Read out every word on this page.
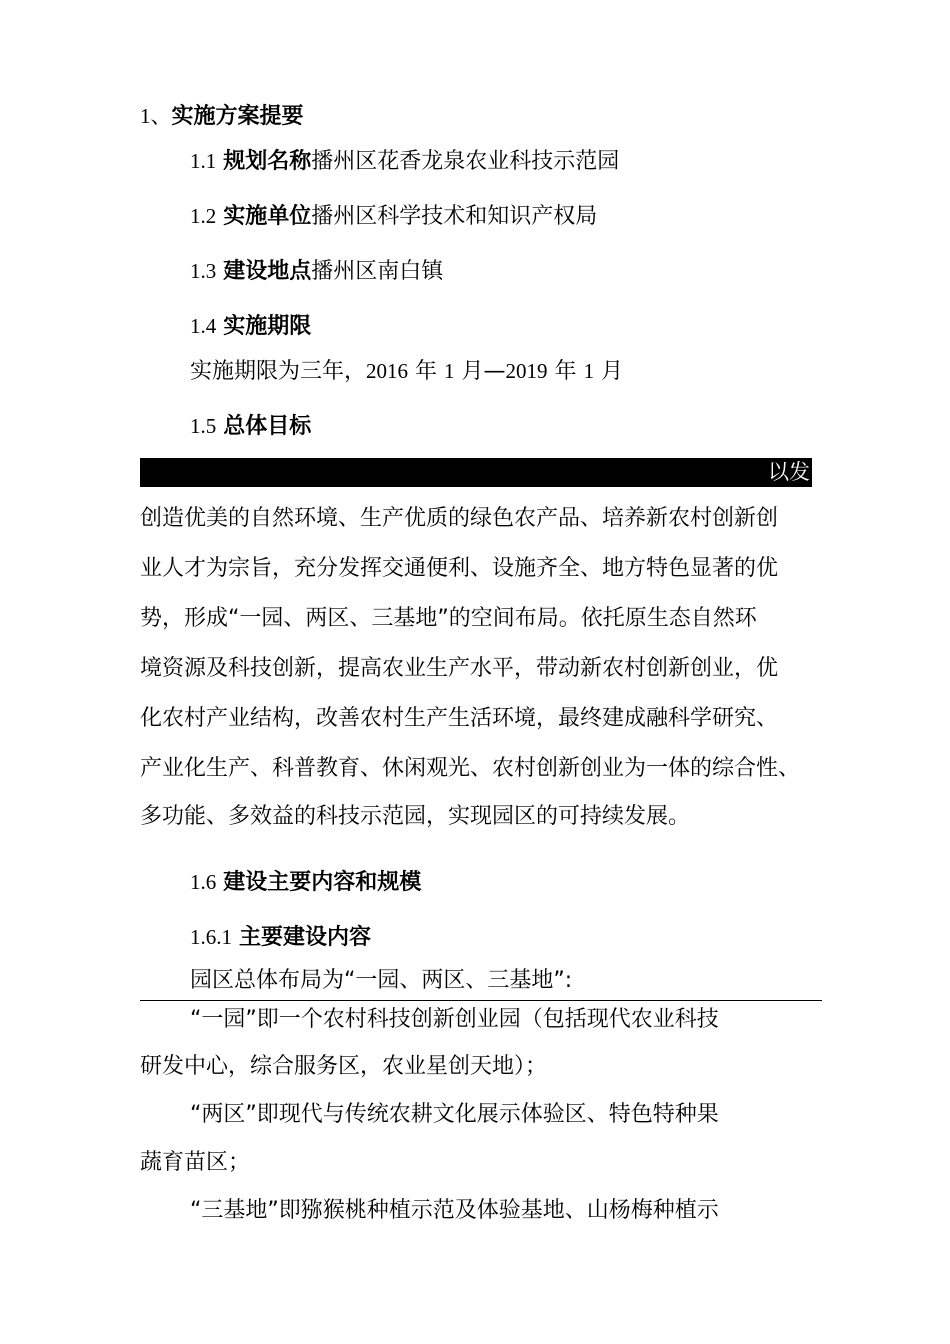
1、实施方案提要
1.1 规划名称播州区花香龙泉农业科技示范园
1.2 实施单位播州区科学技术和知识产权局
1.3 建设地点播州区南白镇
1.4 实施期限
实施期限为三年，2016 年 1 月—2019 年 1 月
1.5 总体目标
以发
创造优美的自然环境、生产优质的绿色农产品、培养新农村创新创
业人才为宗旨，充分发挥交通便利、设施齐全、地方特色显著的优
势，形成“一园、两区、三基地”的空间布局。依托原生态自然环
境资源及科技创新，提高农业生产水平，带动新农村创新创业，优
化农村产业结构，改善农村生产生活环境，最终建成融科学研究、
产业化生产、科普教育、休闲观光、农村创新创业为一体的综合性、
多功能、多效益的科技示范园，实现园区的可持续发展。
1.6 建设主要内容和规模
1.6.1 主要建设内容
园区总体布局为“一园、两区、三基地”:
“一园”即一个农村科技创新创业园（包括现代农业科技
研发中心，综合服务区，农业星创天地）；
“两区”即现代与传统农耕文化展示体验区、特色特种果
蔬育苗区；
“三基地”即猕猴桃种植示范及体验基地、山杨梅种植示
